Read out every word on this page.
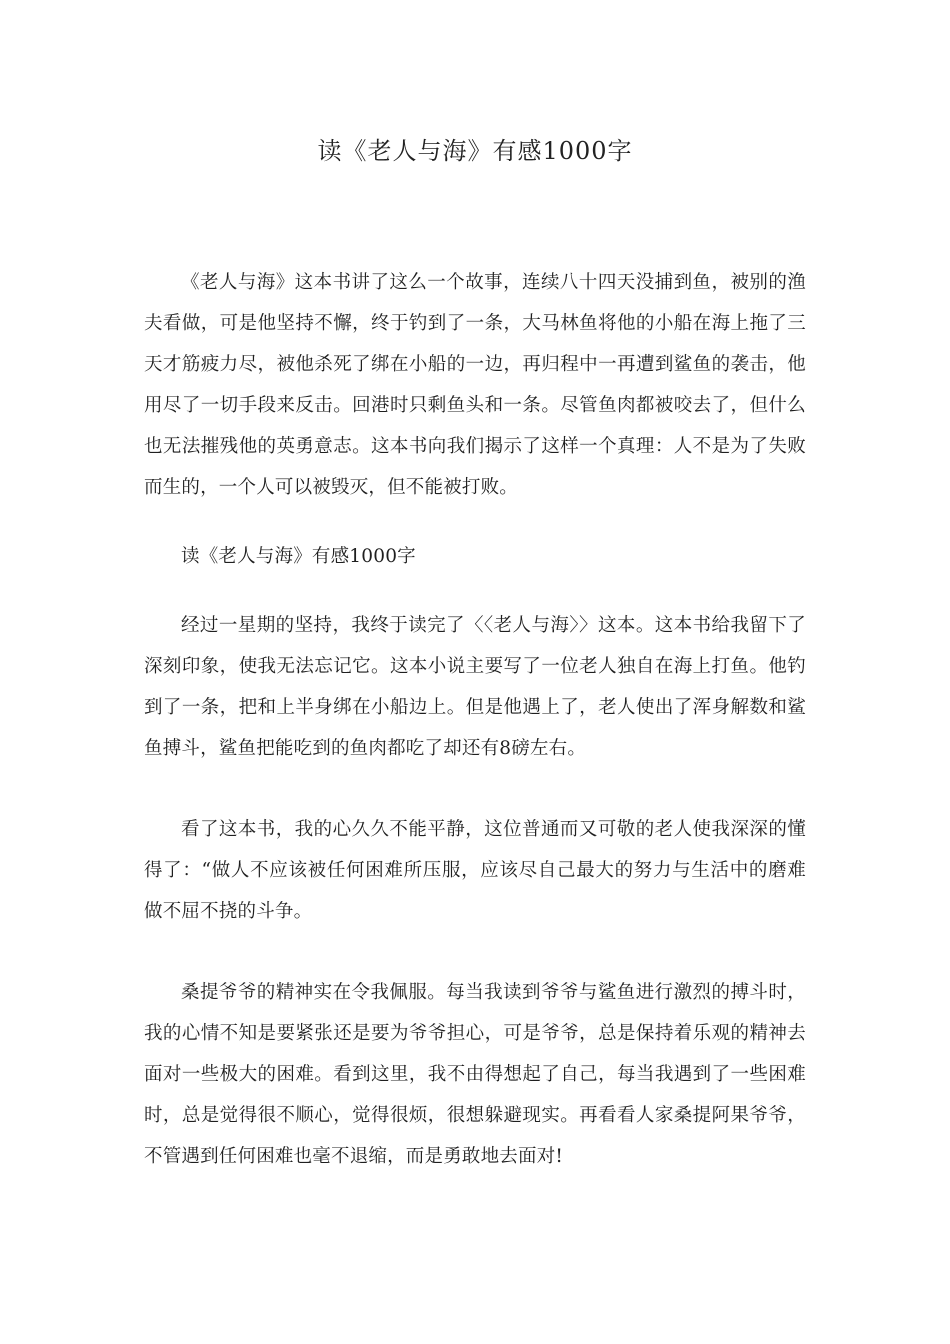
读《老人与海》有感1000字

《老人与海》这本书讲了这么一个故事，连续八十四天没捕到鱼，被别的渔夫看做，可是他坚持不懈，终于钓到了一条，大马林鱼将他的小船在海上拖了三天才筋疲力尽，被他杀死了绑在小船的一边，再归程中一再遭到鲨鱼的袭击，他用尽了一切手段来反击。回港时只剩鱼头和一条。尽管鱼肉都被咬去了，但什么也无法摧残他的英勇意志。这本书向我们揭示了这样一个真理：人不是为了失败而生的，一个人可以被毁灭，但不能被打败。

读《老人与海》有感1000字

经过一星期的坚持，我终于读完了〈〈老人与海〉〉这本。这本书给我留下了深刻印象，使我无法忘记它。这本小说主要写了一位老人独自在海上打鱼。他钓到了一条，把和上半身绑在小船边上。但是他遇上了，老人使出了浑身解数和鲨鱼搏斗，鲨鱼把能吃到的鱼肉都吃了却还有8磅左右。

看了这本书，我的心久久不能平静，这位普通而又可敬的老人使我深深的懂得了：“做人不应该被任何困难所压服，应该尽自己最大的努力与生活中的磨难做不屈不挠的斗争。

桑提爷爷的精神实在令我佩服。每当我读到爷爷与鲨鱼进行激烈的搏斗时，我的心情不知是要紧张还是要为爷爷担心，可是爷爷，总是保持着乐观的精神去面对一些极大的困难。看到这里，我不由得想起了自己，每当我遇到了一些困难时，总是觉得很不顺心，觉得很烦，很想躲避现实。再看看人家桑提阿果爷爷，不管遇到任何困难也毫不退缩，而是勇敢地去面对!
